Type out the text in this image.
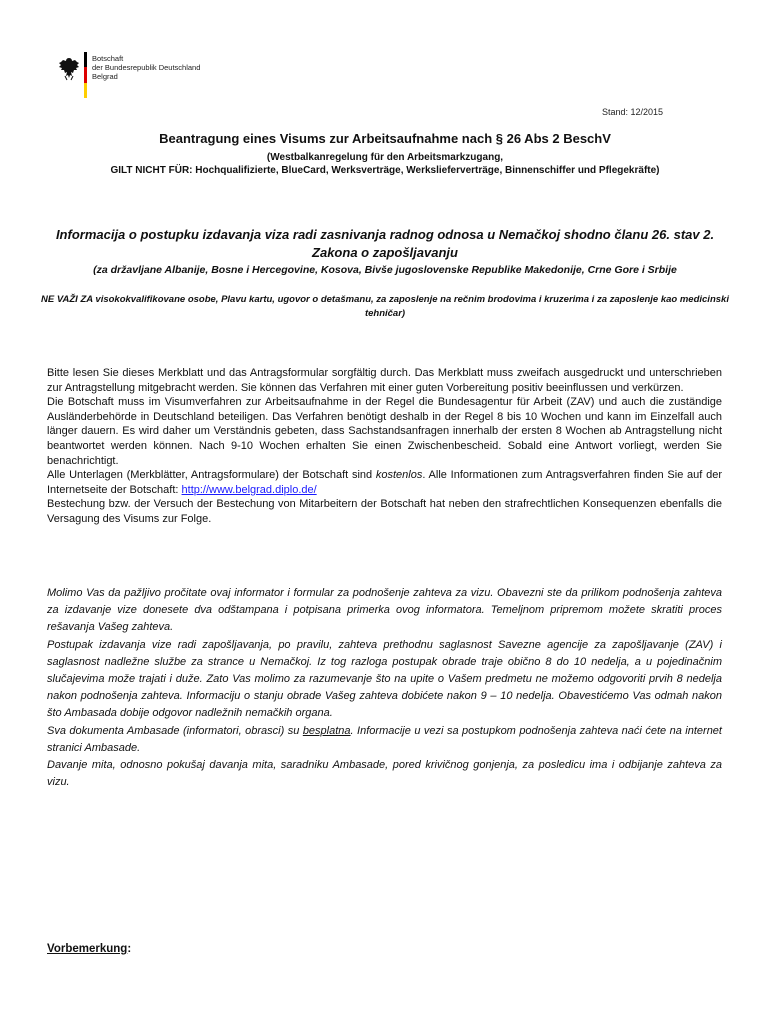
Botschaft
der Bundesrepublik Deutschland
Belgrad
Stand: 12/2015
Beantragung eines Visums zur Arbeitsaufnahme nach § 26 Abs 2 BeschV
(Westbalkanregelung für den Arbeitsmarkzugang,
GILT NICHT FÜR: Hochqualifizierte, BlueCard, Werksverträge, Werkslieferverträge, Binnenschiffer und Pflegekräfte)
Informacija o postupku izdavanja viza radi zasnivanja radnog odnosa u Nemačkoj shodno članu 26. stav 2.
Zakona o zapošljavanju
(za državljane Albanije, Bosne i Hercegovine, Kosova, Bivše jugoslovenske Republike Makedonije, Crne Gore i Srbije
NE VAŽI ZA visokokvalifikovane osobe, Plavu kartu, ugovor o detašmanu, za zaposlenje na rečnim brodovima i kruzerima i za zaposlenje kao medicinski tehničar)

Bitte lesen Sie dieses Merkblatt und das Antragsformular sorgfältig durch. Das Merkblatt muss zweifach ausgedruckt und unterschrieben zur Antragstellung mitgebracht werden. Sie können das Verfahren mit einer guten Vorbereitung positiv beeinflussen und verkürzen.

Die Botschaft muss im Visumverfahren zur Arbeitsaufnahme in der Regel die Bundesagentur für Arbeit (ZAV) und auch die zuständige Ausländerbehörde in Deutschland beteiligen. Das Verfahren benötigt deshalb in der Regel 8 bis 10 Wochen und kann im Einzelfall auch länger dauern. Es wird daher um Verständnis gebeten, dass Sachstandsanfragen innerhalb der ersten 8 Wochen ab Antragstellung nicht beantwortet werden können. Nach 9-10 Wochen erhalten Sie einen Zwischenbescheid. Sobald eine Antwort vorliegt, werden Sie benachrichtigt.

Alle Unterlagen (Merkblätter, Antragsformulare) der Botschaft sind kostenlos. Alle Informationen zum Antragsverfahren finden Sie auf der Internetseite der Botschaft: http://www.belgrad.diplo.de/

Bestechung bzw. der Versuch der Bestechung von Mitarbeitern der Botschaft hat neben den strafrechtlichen Konsequenzen ebenfalls die Versagung des Visums zur Folge.

Molimo Vas da pažljivo pročitate ovaj informator i formular za podnošenje zahteva za vizu. Obavezni ste da prilikom podnošenja zahteva za izdavanje vize donesete dva odštampana i potpisana primerka ovog informatora. Temeljnom pripremom možete skratiti proces rešavanja Vašeg zahteva.

Postupak izdavanja vize radi zapošljavanja, po pravilu, zahteva prethodnu saglasnost Savezne agencije za zapošljavanje (ZAV) i saglasnost nadležne službe za strance u Nemačkoj. Iz tog razloga postupak obrade traje obično 8 do 10 nedelja, a u pojedinačnim slučajevima može trajati i duže. Zato Vas molimo za razumevanje što na upite o Vašem predmetu ne možemo odgovoriti prvih 8 nedelja nakon podnošenja zahteva. Informaciju o stanju obrade Vašeg zahteva dobićete nakon 9 – 10 nedelja. Obavestićemo Vas odmah nakon što Ambasada dobije odgovor nadležnih nemačkih organa.

Sva dokumenta Ambasade (informatori, obrasci) su besplatna. Informacije u vezi sa postupkom podnošenja zahteva naći ćete na internet stranici Ambasade.

Davanje mita, odnosno pokušaj davanja mita, saradniku Ambasade, pored krivičnog gonjenja, za posledicu ima i odbijanje zahteva za vizu.

Vorbemerkung:
